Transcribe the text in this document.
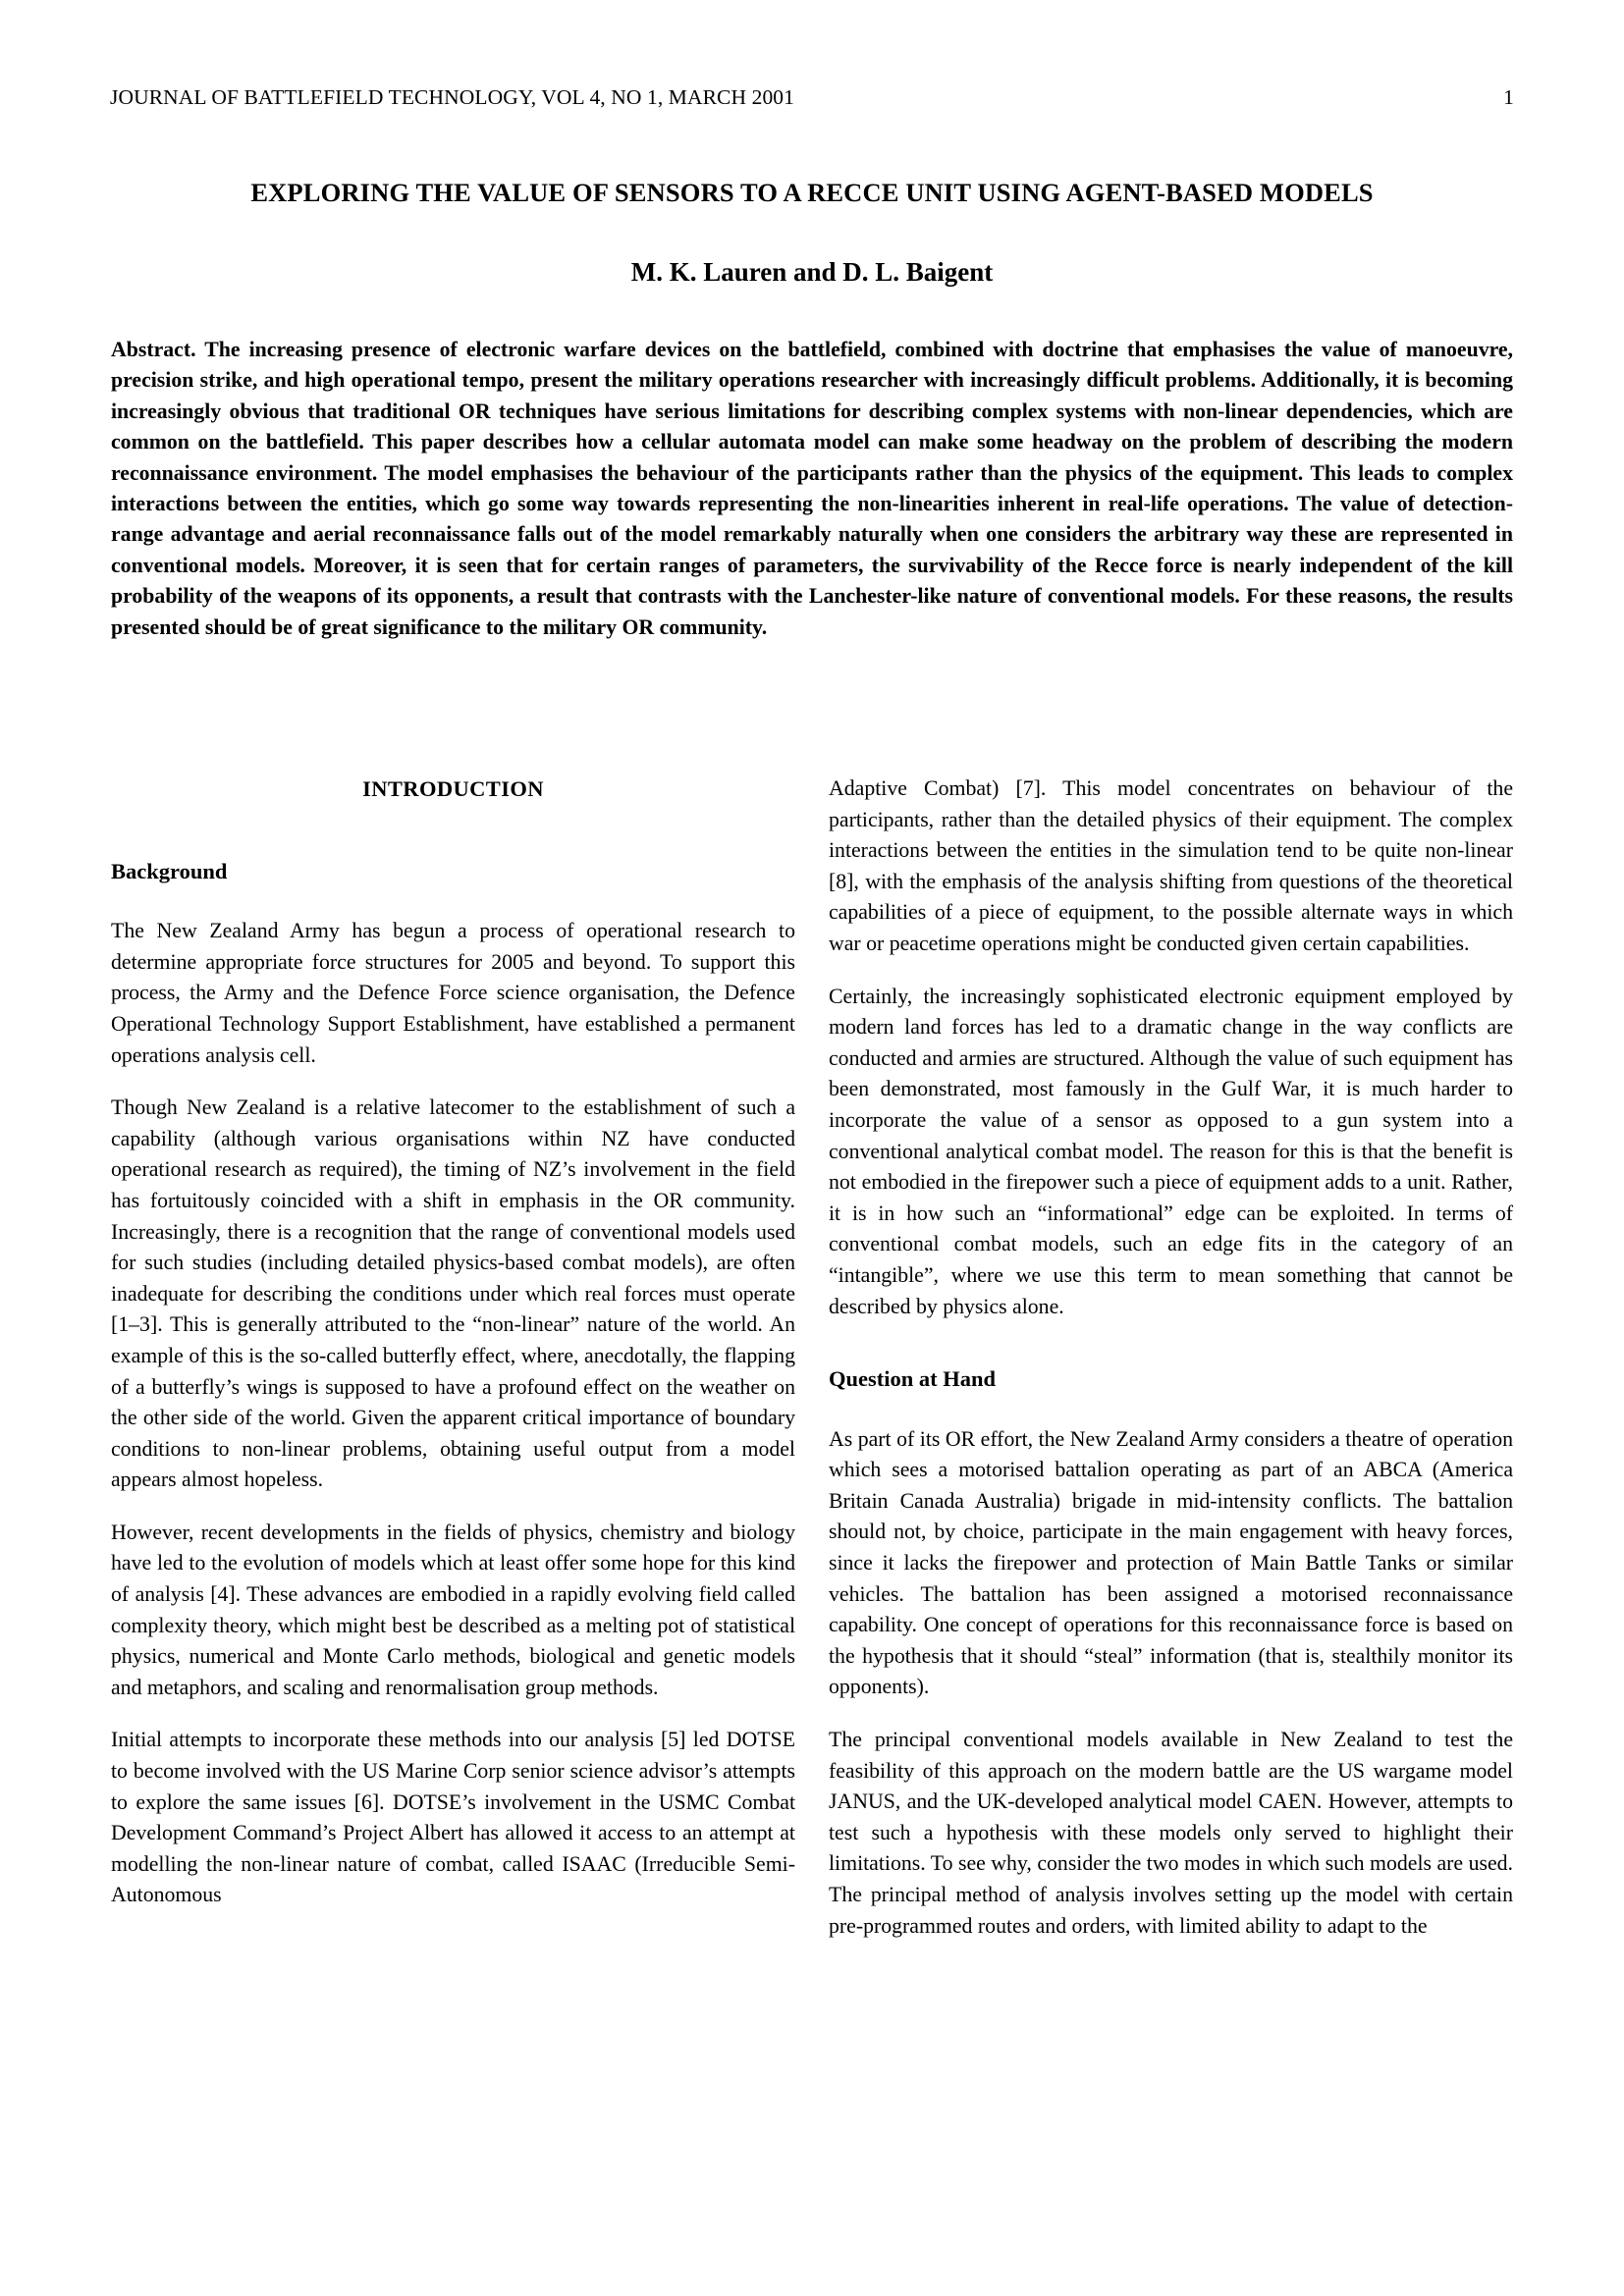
JOURNAL OF BATTLEFIELD TECHNOLOGY, VOL 4, NO 1, MARCH 2001	1
EXPLORING THE VALUE OF SENSORS TO A RECCE UNIT USING AGENT-BASED MODELS
M. K. Lauren and D. L. Baigent
Abstract. The increasing presence of electronic warfare devices on the battlefield, combined with doctrine that emphasises the value of manoeuvre, precision strike, and high operational tempo, present the military operations researcher with increasingly difficult problems. Additionally, it is becoming increasingly obvious that traditional OR techniques have serious limitations for describing complex systems with non-linear dependencies, which are common on the battlefield. This paper describes how a cellular automata model can make some headway on the problem of describing the modern reconnaissance environment. The model emphasises the behaviour of the participants rather than the physics of the equipment. This leads to complex interactions between the entities, which go some way towards representing the non-linearities inherent in real-life operations. The value of detection-range advantage and aerial reconnaissance falls out of the model remarkably naturally when one considers the arbitrary way these are represented in conventional models. Moreover, it is seen that for certain ranges of parameters, the survivability of the Recce force is nearly independent of the kill probability of the weapons of its opponents, a result that contrasts with the Lanchester-like nature of conventional models. For these reasons, the results presented should be of great significance to the military OR community.
INTRODUCTION
Background

The New Zealand Army has begun a process of operational research to determine appropriate force structures for 2005 and beyond. To support this process, the Army and the Defence Force science organisation, the Defence Operational Technology Support Establishment, have established a permanent operations analysis cell.

Though New Zealand is a relative latecomer to the establishment of such a capability (although various organisations within NZ have conducted operational research as required), the timing of NZ’s involvement in the field has fortuitously coincided with a shift in emphasis in the OR community. Increasingly, there is a recognition that the range of conventional models used for such studies (including detailed physics-based combat models), are often inadequate for describing the conditions under which real forces must operate [1–3]. This is generally attributed to the “non-linear” nature of the world. An example of this is the so-called butterfly effect, where, anecdotally, the flapping of a butterfly’s wings is supposed to have a profound effect on the weather on the other side of the world. Given the apparent critical importance of boundary conditions to non-linear problems, obtaining useful output from a model appears almost hopeless.

However, recent developments in the fields of physics, chemistry and biology have led to the evolution of models which at least offer some hope for this kind of analysis [4]. These advances are embodied in a rapidly evolving field called complexity theory, which might best be described as a melting pot of statistical physics, numerical and Monte Carlo methods, biological and genetic models and metaphors, and scaling and renormalisation group methods.

Initial attempts to incorporate these methods into our analysis [5] led DOTSE to become involved with the US Marine Corp senior science advisor’s attempts to explore the same issues [6]. DOTSE’s involvement in the USMC Combat Development Command’s Project Albert has allowed it access to an attempt at modelling the non-linear nature of combat, called ISAAC (Irreducible Semi-Autonomous

Adaptive Combat) [7]. This model concentrates on behaviour of the participants, rather than the detailed physics of their equipment. The complex interactions between the entities in the simulation tend to be quite non-linear [8], with the emphasis of the analysis shifting from questions of the theoretical capabilities of a piece of equipment, to the possible alternate ways in which war or peacetime operations might be conducted given certain capabilities.

Certainly, the increasingly sophisticated electronic equipment employed by modern land forces has led to a dramatic change in the way conflicts are conducted and armies are structured. Although the value of such equipment has been demonstrated, most famously in the Gulf War, it is much harder to incorporate the value of a sensor as opposed to a gun system into a conventional analytical combat model. The reason for this is that the benefit is not embodied in the firepower such a piece of equipment adds to a unit. Rather, it is in how such an “informational” edge can be exploited. In terms of conventional combat models, such an edge fits in the category of an “intangible”, where we use this term to mean something that cannot be described by physics alone.

Question at Hand

As part of its OR effort, the New Zealand Army considers a theatre of operation which sees a motorised battalion operating as part of an ABCA (America Britain Canada Australia) brigade in mid-intensity conflicts. The battalion should not, by choice, participate in the main engagement with heavy forces, since it lacks the firepower and protection of Main Battle Tanks or similar vehicles. The battalion has been assigned a motorised reconnaissance capability. One concept of operations for this reconnaissance force is based on the hypothesis that it should “steal” information (that is, stealthily monitor its opponents).

The principal conventional models available in New Zealand to test the feasibility of this approach on the modern battle are the US wargame model JANUS, and the UK-developed analytical model CAEN. However, attempts to test such a hypothesis with these models only served to highlight their limitations. To see why, consider the two modes in which such models are used. The principal method of analysis involves setting up the model with certain pre-programmed routes and orders, with limited ability to adapt to the
